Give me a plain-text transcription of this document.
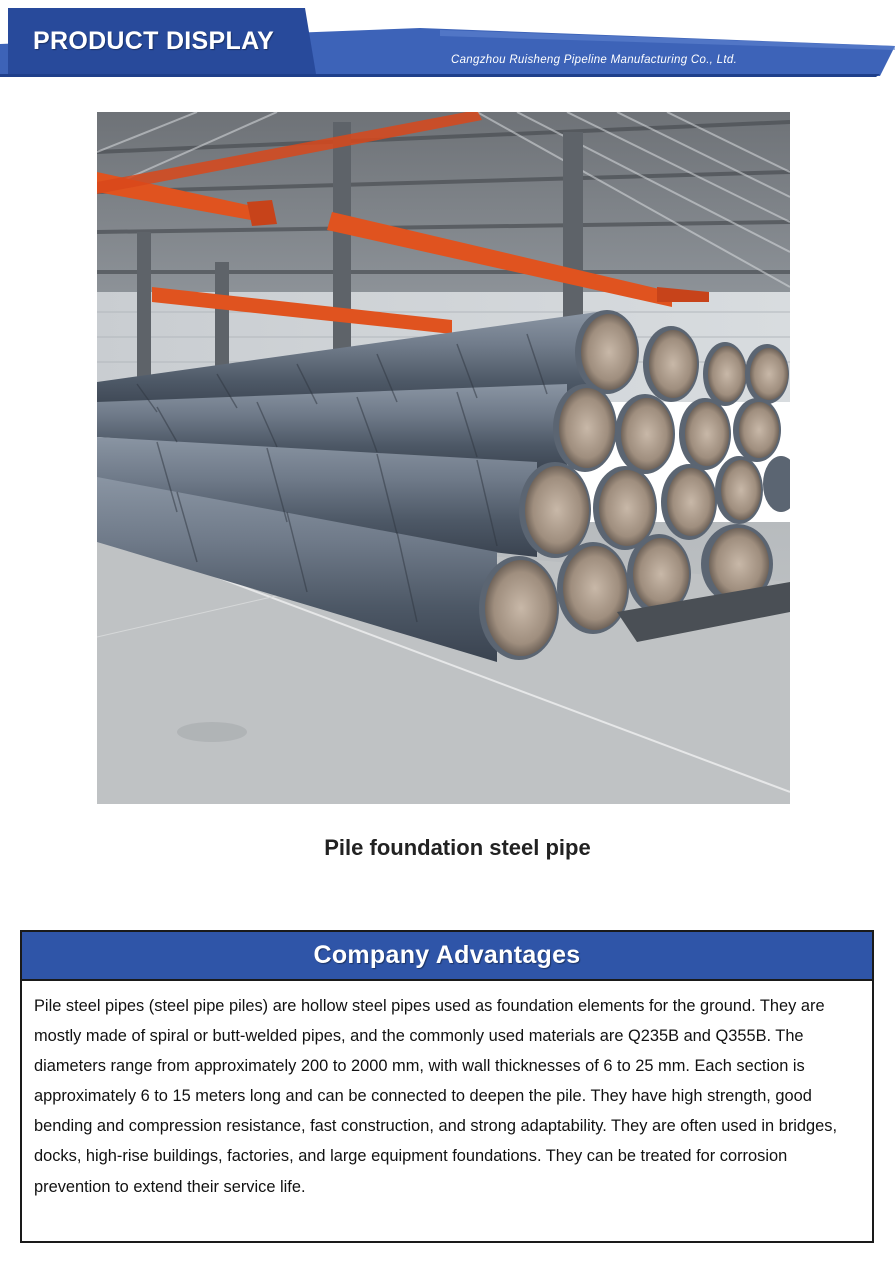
PRODUCT DISPLAY
Cangzhou Ruisheng Pipeline Manufacturing Co., Ltd.
Pile foundation steel pipe
Company Advantages
Pile steel pipes (steel pipe piles) are hollow steel pipes used as foundation elements for the ground. They are mostly made of spiral or butt-welded pipes, and the commonly used materials are Q235B and Q355B. The diameters range from approximately 200 to 2000 mm, with wall thicknesses of 6 to 25 mm. Each section is approximately 6 to 15 meters long and can be connected to deepen the pile. They have high strength, good bending and compression resistance, fast construction, and strong adaptability. They are often used in bridges, docks, high-rise buildings, factories, and large equipment foundations. They can be treated for corrosion prevention to extend their service life.
